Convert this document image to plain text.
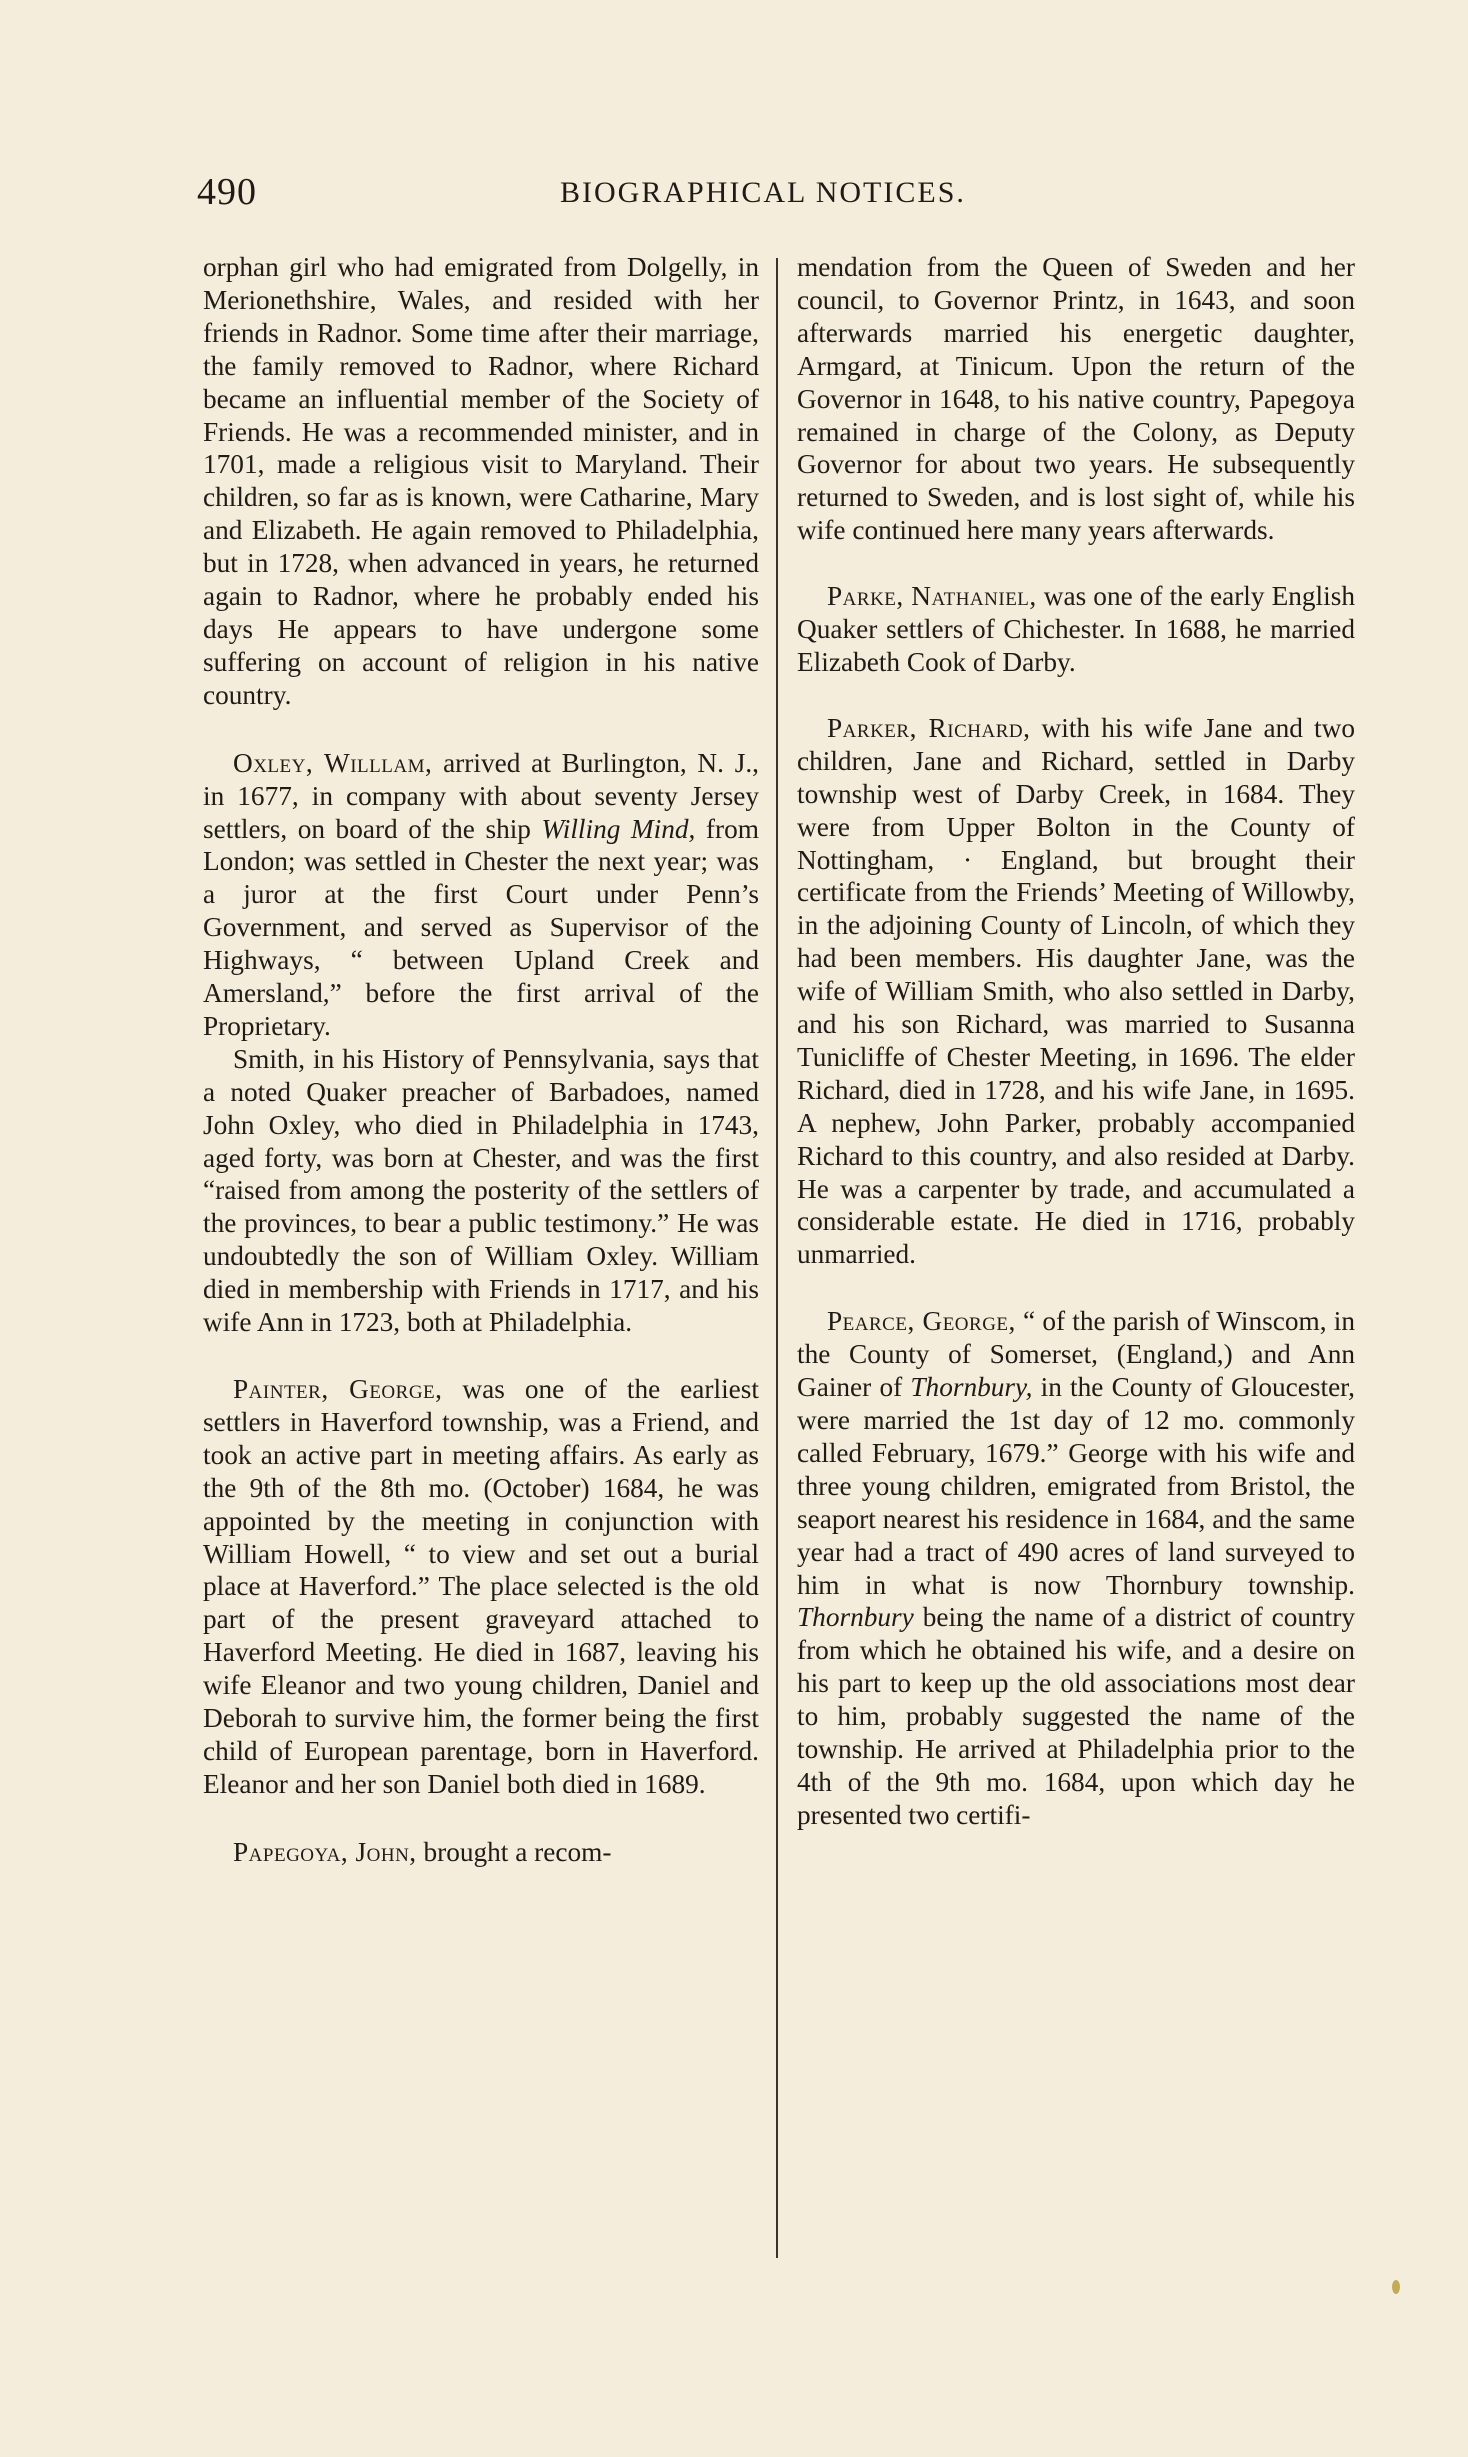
490	BIOGRAPHICAL NOTICES.

orphan girl who had emigrated from Dolgelly, in Merionethshire, Wales, and resided with her friends in Radnor. Some time after their marriage, the family removed to Radnor, where Richard became an influential member of the Society of Friends. He was a recommended minister, and in 1701, made a religious visit to Maryland. Their children, so far as is known, were Catharine, Mary and Elizabeth. He again removed to Philadelphia, but in 1728, when advanced in years, he returned again to Radnor, where he probably ended his days He appears to have undergone some suffering on account of religion in his native country.

Oxley, Willlam, arrived at Burlington, N. J., in 1677, in company with about seventy Jersey settlers, on board of the ship Willing Mind, from London; was settled in Chester the next year; was a juror at the first Court under Penn’s Government, and served as Supervisor of the Highways, “ between Upland Creek and Amersland,” before the first arrival of the Proprietary.

Smith, in his History of Pennsylvania, says that a noted Quaker preacher of Barbadoes, named John Oxley, who died in Philadelphia in 1743, aged forty, was born at Chester, and was the first “raised from among the posterity of the settlers of the provinces, to bear a public testimony.” He was undoubtedly the son of William Oxley. William died in membership with Friends in 1717, and his wife Ann in 1723, both at Philadelphia.

Painter, George, was one of the earliest settlers in Haverford township, was a Friend, and took an active part in meeting affairs. As early as the 9th of the 8th mo. (October) 1684, he was appointed by the meeting in conjunction with William Howell, “ to view and set out a burial place at Haverford.” The place selected is the old part of the present graveyard attached to Haverford Meeting. He died in 1687, leaving his wife Eleanor and two young children, Daniel and Deborah to survive him, the former being the first child of European parentage, born in Haverford. Eleanor and her son Daniel both died in 1689.

Papegoya, John, brought a recom-

mendation from the Queen of Sweden and her council, to Governor Printz, in 1643, and soon afterwards married his energetic daughter, Armgard, at Tinicum. Upon the return of the Governor in 1648, to his native country, Papegoya remained in charge of the Colony, as Deputy Governor for about two years. He subsequently returned to Sweden, and is lost sight of, while his wife continued here many years afterwards.

Parke, Nathaniel, was one of the early English Quaker settlers of Chichester. In 1688, he married Elizabeth Cook of Darby.

Parker, Richard, with his wife Jane and two children, Jane and Richard, settled in Darby township west of Darby Creek, in 1684. They were from Upper Bolton in the County of Nottingham, · England, but brought their certificate from the Friends’ Meeting of Willowby, in the adjoining County of Lincoln, of which they had been members. His daughter Jane, was the wife of William Smith, who also settled in Darby, and his son Richard, was married to Susanna Tunicliffe of Chester Meeting, in 1696. The elder Richard, died in 1728, and his wife Jane, in 1695. A nephew, John Parker, probably accompanied Richard to this country, and also resided at Darby. He was a carpenter by trade, and accumulated a considerable estate. He died in 1716, probably unmarried.

Pearce, George, “ of the parish of Winscom, in the County of Somerset, (England,) and Ann Gainer of Thornbury, in the County of Gloucester, were married the 1st day of 12 mo. commonly called February, 1679.” George with his wife and three young children, emigrated from Bristol, the seaport nearest his residence in 1684, and the same year had a tract of 490 acres of land surveyed to him in what is now Thornbury township. Thornbury being the name of a district of country from which he obtained his wife, and a desire on his part to keep up the old associations most dear to him, probably suggested the name of the township. He arrived at Philadelphia prior to the 4th of the 9th mo. 1684, upon which day he presented two certifi-
